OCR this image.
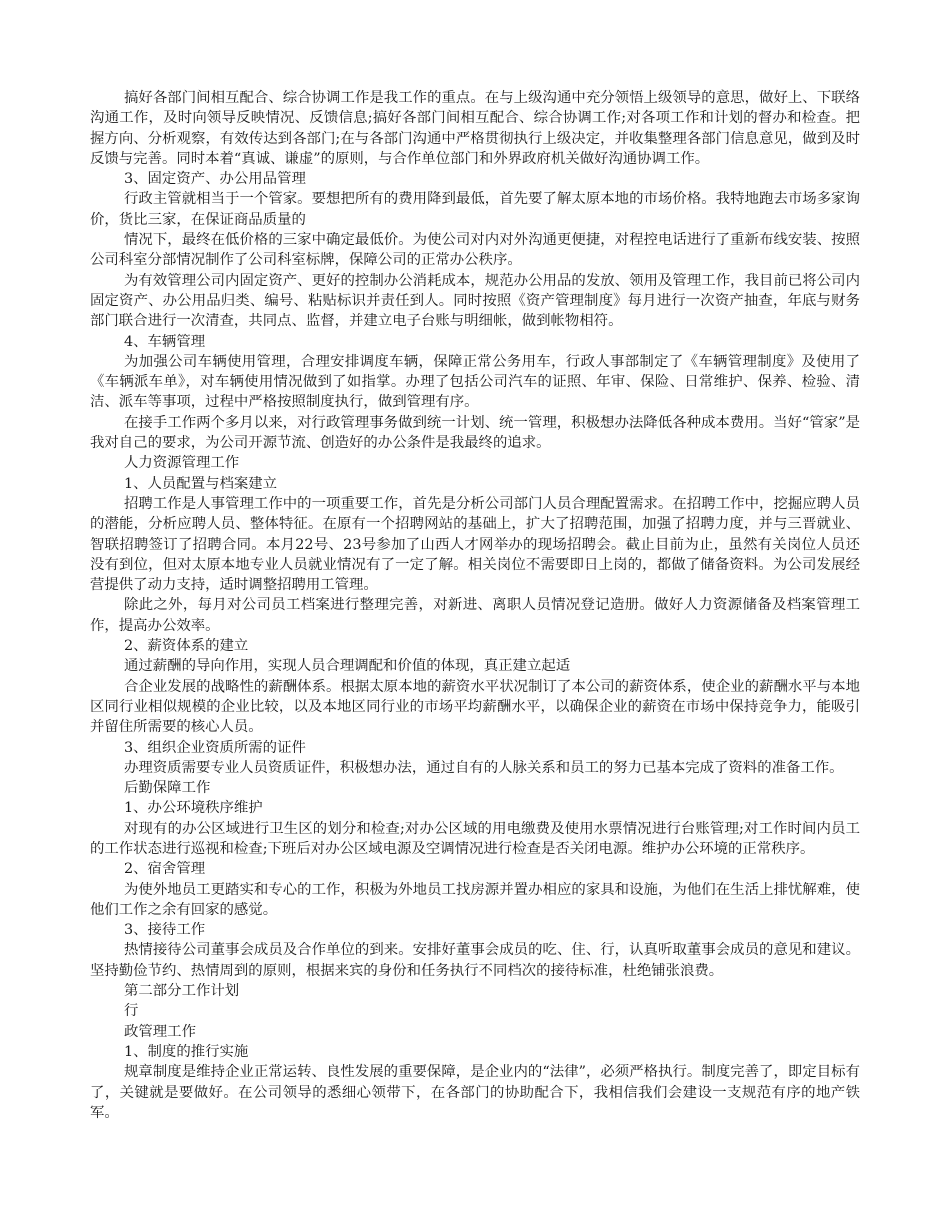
搞好各部门间相互配合、综合协调工作是我工作的重点。在与上级沟通中充分领悟上级领导的意思，做好上、下联络沟通工作，及时向领导反映情况、反馈信息;搞好各部门间相互配合、综合协调工作;对各项工作和计划的督办和检查。把握方向、分析观察，有效传达到各部门;在与各部门沟通中严格贯彻执行上级决定，并收集整理各部门信息意见，做到及时反馈与完善。同时本着“真诚、谦虚”的原则，与合作单位部门和外界政府机关做好沟通协调工作。

3、固定资产、办公用品管理

行政主管就相当于一个管家。要想把所有的费用降到最低，首先要了解太原本地的市场价格。我特地跑去市场多家询价，货比三家，在保证商品质量的

情况下，最终在低价格的三家中确定最低价。为使公司对内对外沟通更便捷，对程控电话进行了重新布线安装、按照公司科室分部情况制作了公司科室标牌，保障公司的正常办公秩序。

为有效管理公司内固定资产、更好的控制办公消耗成本，规范办公用品的发放、领用及管理工作，我目前已将公司内固定资产、办公用品归类、编号、粘贴标识并责任到人。同时按照《资产管理制度》每月进行一次资产抽查，年底与财务部门联合进行一次清查，共同点、监督，并建立电子台账与明细帐，做到帐物相符。

4、车辆管理

为加强公司车辆使用管理，合理安排调度车辆，保障正常公务用车，行政人事部制定了《车辆管理制度》及使用了《车辆派车单》，对车辆使用情况做到了如指掌。办理了包括公司汽车的证照、年审、保险、日常维护、保养、检验、清洁、派车等事项，过程中严格按照制度执行，做到管理有序。

在接手工作两个多月以来，对行政管理事务做到统一计划、统一管理，积极想办法降低各种成本费用。当好“管家”是我对自己的要求，为公司开源节流、创造好的办公条件是我最终的追求。

人力资源管理工作

1、人员配置与档案建立

招聘工作是人事管理工作中的一项重要工作，首先是分析公司部门人员合理配置需求。在招聘工作中，挖掘应聘人员的潜能，分析应聘人员、整体特征。在原有一个招聘网站的基础上，扩大了招聘范围，加强了招聘力度，并与三晋就业、智联招聘签订了招聘合同。本月22号、23号参加了山西人才网举办的现场招聘会。截止目前为止，虽然有关岗位人员还没有到位，但对太原本地专业人员就业情况有了一定了解。相关岗位不需要即日上岗的，都做了储备资料。为公司发展经营提供了动力支持，适时调整招聘用工管理。

除此之外，每月对公司员工档案进行整理完善，对新进、离职人员情况登记造册。做好人力资源储备及档案管理工作，提高办公效率。

2、薪资体系的建立

通过薪酬的导向作用，实现人员合理调配和价值的体现，真正建立起适

合企业发展的战略性的薪酬体系。根据太原本地的薪资水平状况制订了本公司的薪资体系，使企业的薪酬水平与本地区同行业相似规模的企业比较，以及本地区同行业的市场平均薪酬水平，以确保企业的薪资在市场中保持竞争力，能吸引并留住所需要的核心人员。

3、组织企业资质所需的证件

办理资质需要专业人员资质证件，积极想办法，通过自有的人脉关系和员工的努力已基本完成了资料的准备工作。

后勤保障工作

1、办公环境秩序维护

对现有的办公区域进行卫生区的划分和检查;对办公区域的用电缴费及使用水票情况进行台账管理;对工作时间内员工的工作状态进行巡视和检查;下班后对办公区域电源及空调情况进行检查是否关闭电源。维护办公环境的正常秩序。

2、宿舍管理

为使外地员工更踏实和专心的工作，积极为外地员工找房源并置办相应的家具和设施，为他们在生活上排忧解难，使他们工作之余有回家的感觉。

3、接待工作

热情接待公司董事会成员及合作单位的到来。安排好董事会成员的吃、住、行，认真听取董事会成员的意见和建议。坚持勤俭节约、热情周到的原则，根据来宾的身份和任务执行不同档次的接待标准，杜绝铺张浪费。

第二部分工作计划

行

政管理工作

1、制度的推行实施

规章制度是维持企业正常运转、良性发展的重要保障，是企业内的“法律”，必须严格执行。制度完善了，即定目标有了，关键就是要做好。在公司领导的悉细心领带下，在各部门的协助配合下，我相信我们会建设一支规范有序的地产铁军。
